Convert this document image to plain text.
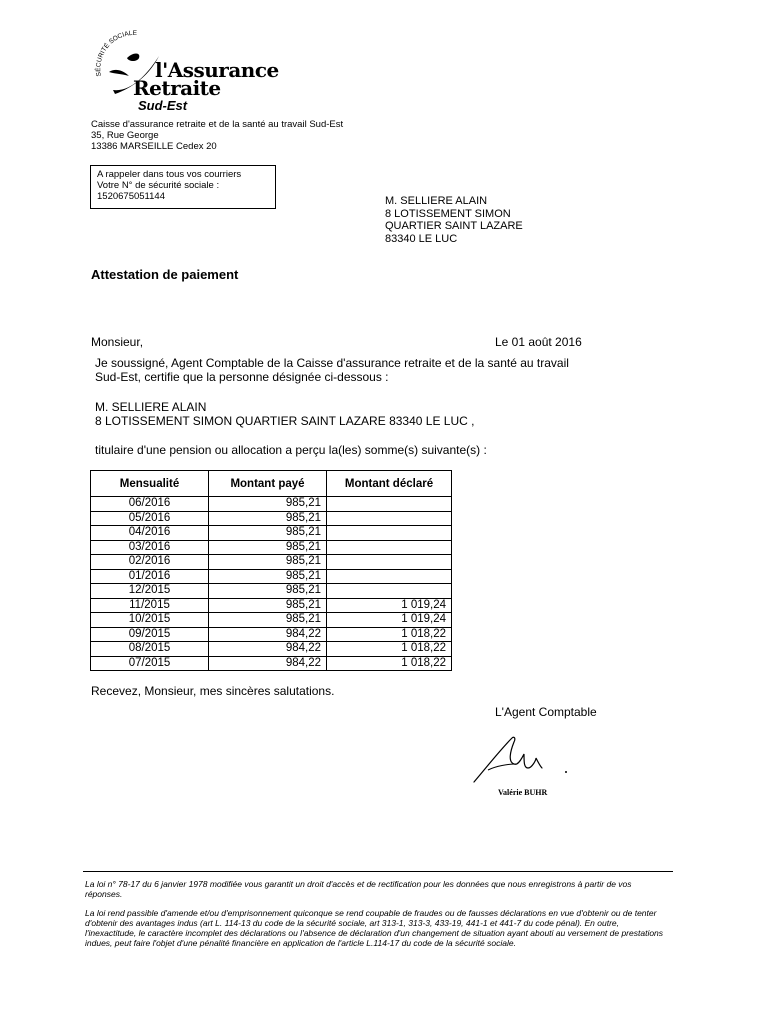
SÉCURITÉ SOCIALE
l'Assurance
Retraite
Sud-Est
Caisse d'assurance retraite et de la santé au travail Sud-Est
35, Rue George
13386 MARSEILLE Cedex 20
A rappeler dans tous vos courriers
Votre N° de sécurité sociale :
1520675051144	M. SELLIERE ALAIN
8 LOTISSEMENT SIMON
QUARTIER SAINT LAZARE
83340 LE LUC
Attestation de paiement
Monsieur,	Le 01 août 2016
Je soussigné, Agent Comptable de la Caisse d'assurance retraite et de la santé au travail
Sud-Est, certifie que la personne désignée ci-dessous :
M. SELLIERE ALAIN
8 LOTISSEMENT SIMON QUARTIER SAINT LAZARE 83340 LE LUC ,
titulaire d'une pension ou allocation a perçu la(les) somme(s) suivante(s) :
Mensualité	Montant payé	Montant déclaré
06/2016	985,21	
05/2016	985,21	
04/2016	985,21	
03/2016	985,21	
02/2016	985,21	
01/2016	985,21	
12/2015	985,21	
11/2015	985,21	1 019,24
10/2015	985,21	1 019,24
09/2015	984,22	1 018,22
08/2015	984,22	1 018,22
07/2015	984,22	1 018,22
Recevez, Monsieur, mes sincères salutations.
L'Agent Comptable
Valérie BUHR
La loi n° 78-17 du 6 janvier 1978 modifiée vous garantit un droit d'accès et de rectification pour les données que nous enregistrons à partir de vos réponses.
La loi rend passible d'amende et/ou d'emprisonnement quiconque se rend coupable de fraudes ou de fausses déclarations en vue d'obtenir ou de tenter d'obtenir des avantages indus (art L. 114-13 du code de la sécurité sociale, art 313-1, 313-3, 433-19, 441-1 et 441-7 du code pénal). En outre, l'inexactitude, le caractère incomplet des déclarations ou l'absence de déclaration d'un changement de situation ayant abouti au versement de prestations indues, peut faire l'objet d'une pénalité financière en application de l'article L.114-17 du code de la sécurité sociale.
